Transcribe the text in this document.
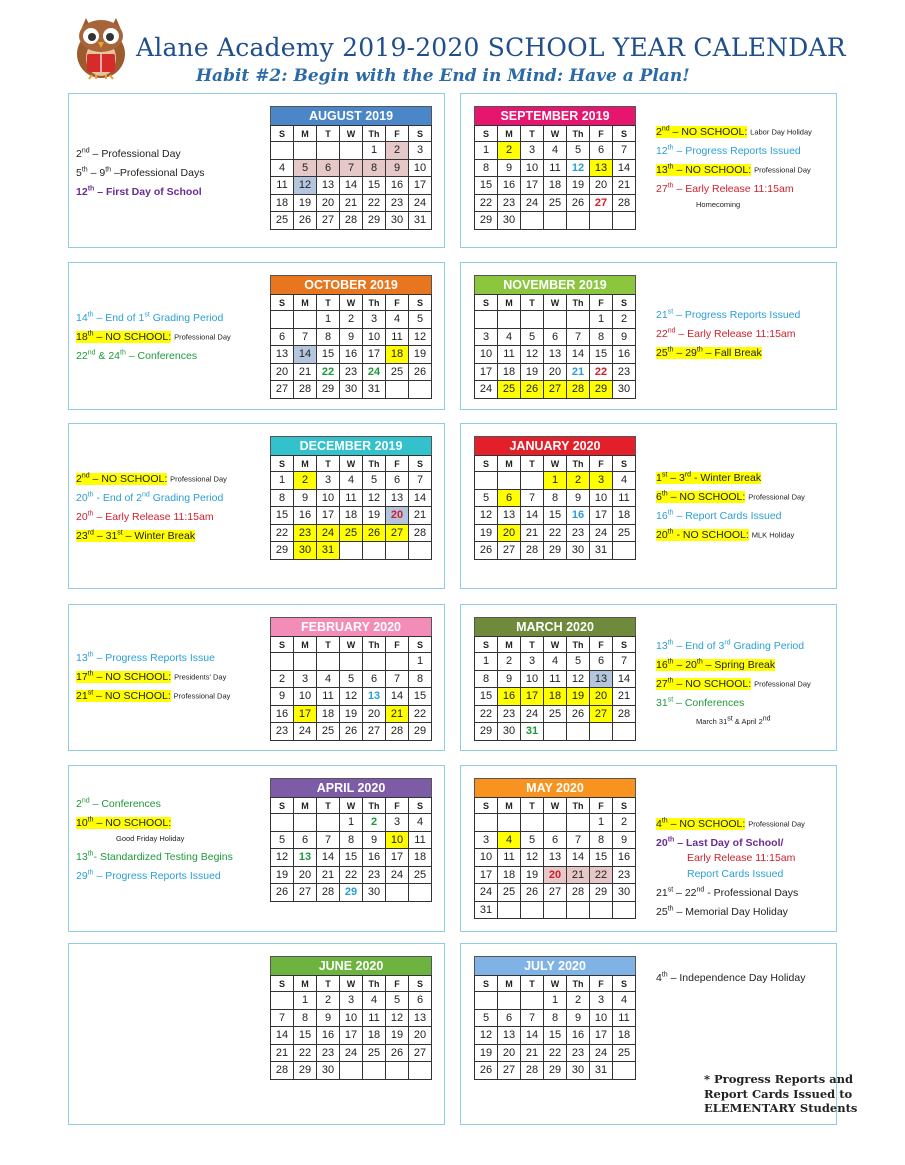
Alane Academy 2019-2020 SCHOOL YEAR CALENDAR
Habit #2: Begin with the End in Mind: Have a Plan!
AUGUST 2019
S	M	T	W	Th	F	S
				1	2	3
4	5	6	7	8	9	10
11	12	13	14	15	16	17
18	19	20	21	22	23	24
25	26	27	28	29	30	31
2nd – Professional Day
5th – 9th –Professional Days
12th – First Day of School
SEPTEMBER 2019
S	M	T	W	Th	F	S
1	2	3	4	5	6	7
8	9	10	11	12	13	14
15	16	17	18	19	20	21
22	23	24	25	26	27	28
29	30					
2nd – NO SCHOOL: Labor Day Holiday
12th – Progress Reports Issued
13th – NO SCHOOL: Professional Day
27th – Early Release 11:15am
Homecoming
OCTOBER 2019
S	M	T	W	Th	F	S
		1	2	3	4	5
6	7	8	9	10	11	12
13	14	15	16	17	18	19
20	21	22	23	24	25	26
27	28	29	30	31		
14th – End of 1st Grading Period
18th – NO SCHOOL: Professional Day
22nd & 24th – Conferences
NOVEMBER 2019
S	M	T	W	Th	F	S
					1	2
3	4	5	6	7	8	9
10	11	12	13	14	15	16
17	18	19	20	21	22	23
24	25	26	27	28	29	30
21st – Progress Reports Issued
22nd – Early Release 11:15am
25th – 29th – Fall Break
DECEMBER 2019
S	M	T	W	Th	F	S
1	2	3	4	5	6	7
8	9	10	11	12	13	14
15	16	17	18	19	20	21
22	23	24	25	26	27	28
29	30	31				
2nd – NO SCHOOL: Professional Day
20th - End of 2nd Grading Period
20th – Early Release 11:15am
23rd – 31st – Winter Break
JANUARY 2020
S	M	T	W	Th	F	S
			1	2	3	4
5	6	7	8	9	10	11
12	13	14	15	16	17	18
19	20	21	22	23	24	25
26	27	28	29	30	31	
1st – 3rd - Winter Break
6th – NO SCHOOL: Professional Day
16th – Report Cards Issued
20th - NO SCHOOL: MLK Holiday
FEBRUARY 2020
S	M	T	W	Th	F	S
						1
2	3	4	5	6	7	8
9	10	11	12	13	14	15
16	17	18	19	20	21	22
23	24	25	26	27	28	29
13th – Progress Reports Issue
17th – NO SCHOOL: Presidents' Day
21st – NO SCHOOL: Professional Day
MARCH 2020
S	M	T	W	Th	F	S
1	2	3	4	5	6	7
8	9	10	11	12	13	14
15	16	17	18	19	20	21
22	23	24	25	26	27	28
29	30	31				
13th – End of 3rd Grading Period
16th – 20th – Spring Break
27th – NO SCHOOL: Professional Day
31st – Conferences
March 31st & April 2nd
APRIL 2020
S	M	T	W	Th	F	S
			1	2	3	4
5	6	7	8	9	10	11
12	13	14	15	16	17	18
19	20	21	22	23	24	25
26	27	28	29	30		
2nd – Conferences
10th – NO SCHOOL:
Good Friday Holiday
13th- Standardized Testing Begins
29th – Progress Reports Issued
MAY 2020
S	M	T	W	Th	F	S
					1	2
3	4	5	6	7	8	9
10	11	12	13	14	15	16
17	18	19	20	21	22	23
24	25	26	27	28	29	30
31						
4th – NO SCHOOL: Professional Day
20th – Last Day of School/
Early Release 11:15am
Report Cards Issued
21st – 22nd - Professional Days
25th – Memorial Day Holiday
JUNE 2020
S	M	T	W	Th	F	S
	1	2	3	4	5	6
7	8	9	10	11	12	13
14	15	16	17	18	19	20
21	22	23	24	25	26	27
28	29	30				
JULY 2020
S	M	T	W	Th	F	S
			1	2	3	4
5	6	7	8	9	10	11
12	13	14	15	16	17	18
19	20	21	22	23	24	25
26	27	28	29	30	31	
4th – Independence Day Holiday
* Progress Reports and
Report Cards Issued to
ELEMENTARY Students
